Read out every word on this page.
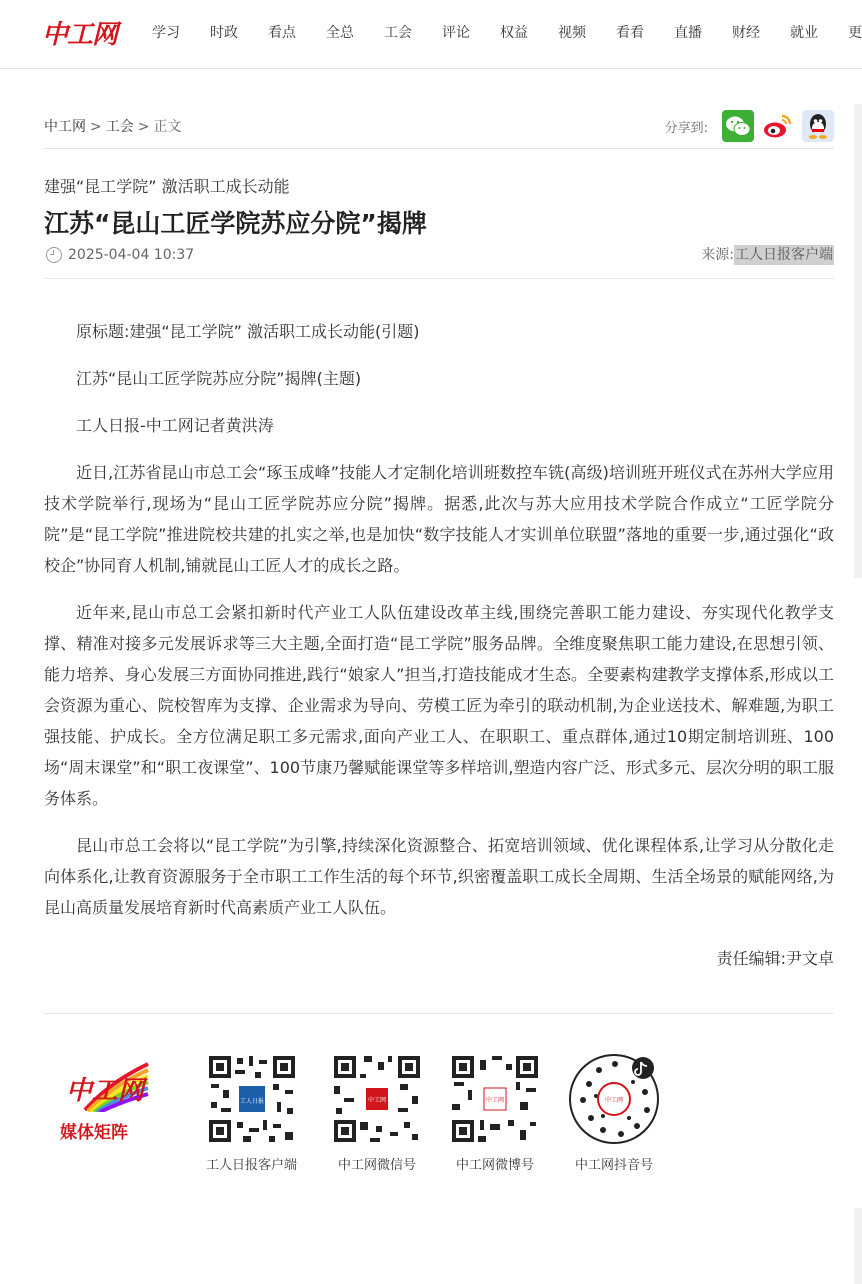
中工网 学习	时政	看点	全总	工会	评论	权益	视频	看看	直播	财经	就业	更
中工网 > 工会 > 正文	分享到:
建强“昆工学院” 激活职工成长动能
江苏“昆山工匠学院苏应分院”揭牌
2025-04-04 10:37	来源:工人日报客户端

原标题:建强“昆工学院” 激活职工成长动能(引题)

江苏“昆山工匠学院苏应分院”揭牌(主题)

工人日报-中工网记者黄洪涛

近日,江苏省昆山市总工会“琢玉成峰”技能人才定制化培训班数控车铣(高级)培训班开班仪式在苏州大学应用技术学院举行,现场为“昆山工匠学院苏应分院”揭牌。据悉,此次与苏大应用技术学院合作成立“工匠学院分院”是“昆工学院”推进院校共建的扎实之举,也是加快“数字技能人才实训单位联盟”落地的重要一步,通过强化“政校企”协同育人机制,铺就昆山工匠人才的成长之路。

近年来,昆山市总工会紧扣新时代产业工人队伍建设改革主线,围绕完善职工能力建设、夯实现代化教学支撑、精准对接多元发展诉求等三大主题,全面打造“昆工学院”服务品牌。全维度聚焦职工能力建设,在思想引领、能力培养、身心发展三方面协同推进,践行“娘家人”担当,打造技能成才生态。全要素构建教学支撑体系,形成以工会资源为重心、院校智库为支撑、企业需求为导向、劳模工匠为牵引的联动机制,为企业送技术、解难题,为职工强技能、护成长。全方位满足职工多元需求,面向产业工人、在职职工、重点群体,通过10期定制培训班、100场“周末课堂”和“职工夜课堂”、100节康乃馨赋能课堂等多样培训,塑造内容广泛、形式多元、层次分明的职工服务体系。

昆山市总工会将以“昆工学院”为引擎,持续深化资源整合、拓宽培训领域、优化课程体系,让学习从分散化走向体系化,让教育资源服务于全市职工工作生活的每个环节,织密覆盖职工成长全周期、生活全场景的赋能网络,为昆山高质量发展培育新时代高素质产业工人队伍。

责任编辑:尹文卓
中工网
媒体矩阵
工人日报
工人日报客户端
中工网
中工网微信号
中工网
中工网微博号
中工网
中工网抖音号
